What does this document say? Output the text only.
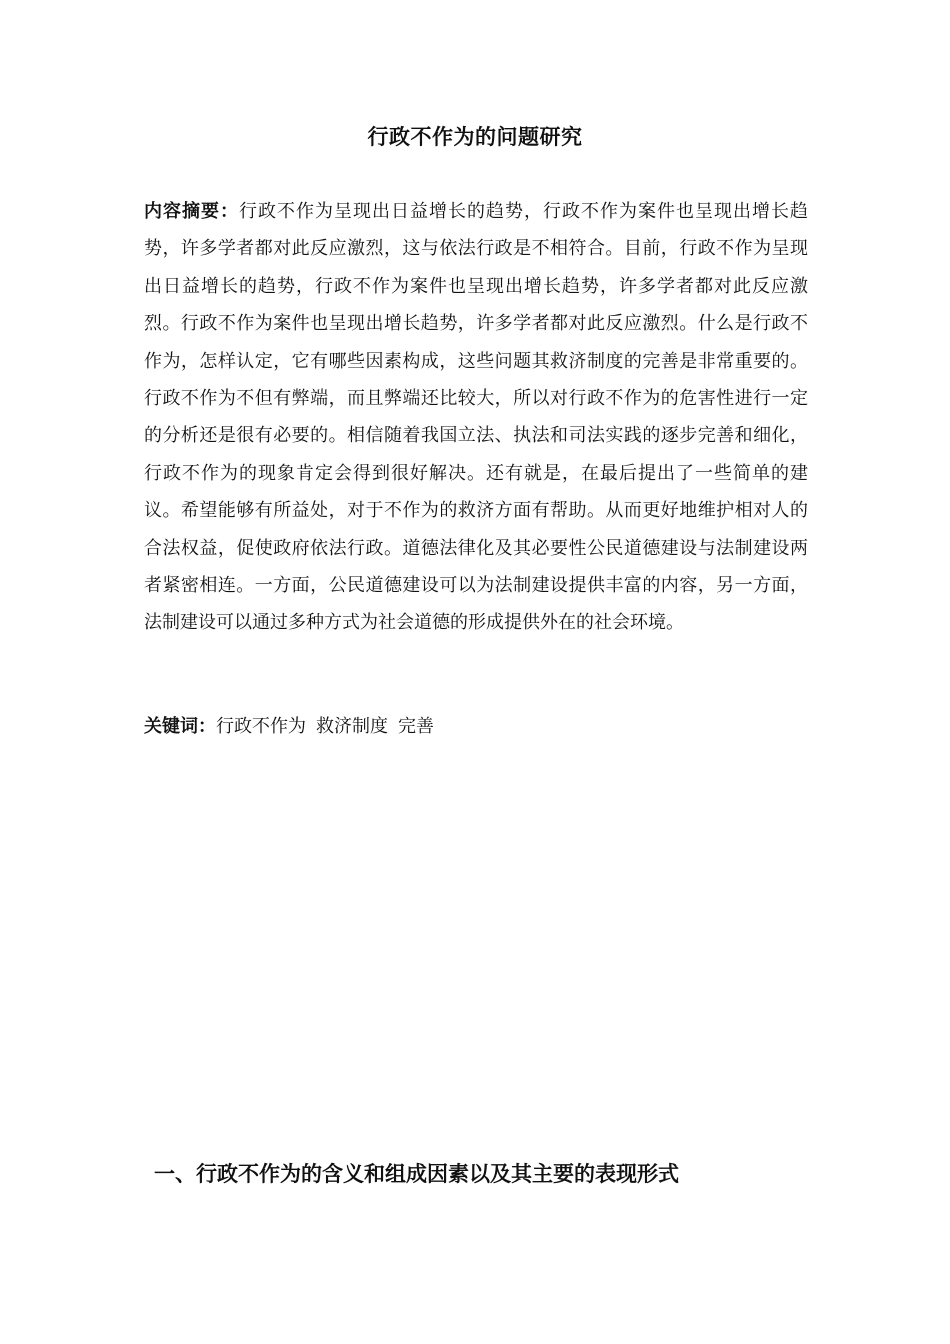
行政不作为的问题研究

内容摘要：行政不作为呈现出日益增长的趋势，行政不作为案件也呈现出增长趋势，许多学者都对此反应激烈，这与依法行政是不相符合。目前，行政不作为呈现出日益增长的趋势，行政不作为案件也呈现出增长趋势，许多学者都对此反应激烈。行政不作为案件也呈现出增长趋势，许多学者都对此反应激烈。什么是行政不作为，怎样认定，它有哪些因素构成，这些问题其救济制度的完善是非常重要的。行政不作为不但有弊端，而且弊端还比较大，所以对行政不作为的危害性进行一定的分析还是很有必要的。相信随着我国立法、执法和司法实践的逐步完善和细化，行政不作为的现象肯定会得到很好解决。还有就是，在最后提出了一些简单的建议。希望能够有所益处，对于不作为的救济方面有帮助。从而更好地维护相对人的合法权益，促使政府依法行政。道德法律化及其必要性公民道德建设与法制建设两者紧密相连。一方面，公民道德建设可以为法制建设提供丰富的内容，另一方面，法制建设可以通过多种方式为社会道德的形成提供外在的社会环境。

关键词：行政不作为 救济制度 完善

一、行政不作为的含义和组成因素以及其主要的表现形式
